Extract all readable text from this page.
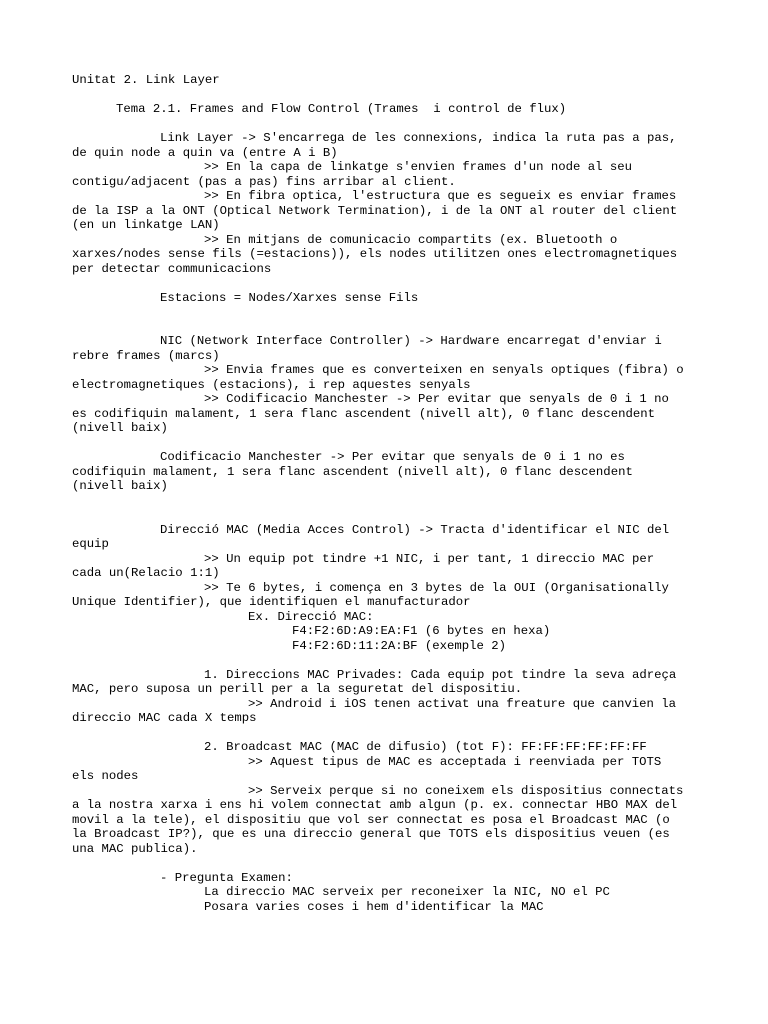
Unitat 2. Link Layer
Tema 2.1. Frames and Flow Control (Trames  i control de flux)
Link Layer -> S'encarrega de les connexions, indica la ruta pas a pas,
de quin node a quin va (entre A i B)
>> En la capa de linkatge s'envien frames d'un node al seu
contigu/adjacent (pas a pas) fins arribar al client.
>> En fibra optica, l'estructura que es segueix es enviar frames
de la ISP a la ONT (Optical Network Termination), i de la ONT al router del client
(en un linkatge LAN)
>> En mitjans de comunicacio compartits (ex. Bluetooth o
xarxes/nodes sense fils (=estacions)), els nodes utilitzen ones electromagnetiques
per detectar communicacions
Estacions = Nodes/Xarxes sense Fils
NIC (Network Interface Controller) -> Hardware encarregat d'enviar i
rebre frames (marcs)
>> Envia frames que es converteixen en senyals optiques (fibra) o
electromagnetiques (estacions), i rep aquestes senyals
>> Codificacio Manchester -> Per evitar que senyals de 0 i 1 no
es codifiquin malament, 1 sera flanc ascendent (nivell alt), 0 flanc descendent
(nivell baix)
Codificacio Manchester -> Per evitar que senyals de 0 i 1 no es
codifiquin malament, 1 sera flanc ascendent (nivell alt), 0 flanc descendent
(nivell baix)
Direcció MAC (Media Acces Control) -> Tracta d'identificar el NIC del
equip
>> Un equip pot tindre +1 NIC, i per tant, 1 direccio MAC per
cada un(Relacio 1:1)
>> Te 6 bytes, i comença en 3 bytes de la OUI (Organisationally
Unique Identifier), que identifiquen el manufacturador
Ex. Direcció MAC:
F4:F2:6D:A9:EA:F1 (6 bytes en hexa)
F4:F2:6D:11:2A:BF (exemple 2)
1. Direccions MAC Privades: Cada equip pot tindre la seva adreça
MAC, pero suposa un perill per a la seguretat del dispositiu.
>> Android i iOS tenen activat una freature que canvien la
direccio MAC cada X temps
2. Broadcast MAC (MAC de difusio) (tot F): FF:FF:FF:FF:FF:FF
>> Aquest tipus de MAC es acceptada i reenviada per TOTS
els nodes
>> Serveix perque si no coneixem els dispositius connectats
a la nostra xarxa i ens hi volem connectat amb algun (p. ex. connectar HBO MAX del
movil a la tele), el dispositiu que vol ser connectat es posa el Broadcast MAC (o
la Broadcast IP?), que es una direccio general que TOTS els dispositius veuen (es
una MAC publica).
- Pregunta Examen:
La direccio MAC serveix per reconeixer la NIC, NO el PC
Posara varies coses i hem d'identificar la MAC
